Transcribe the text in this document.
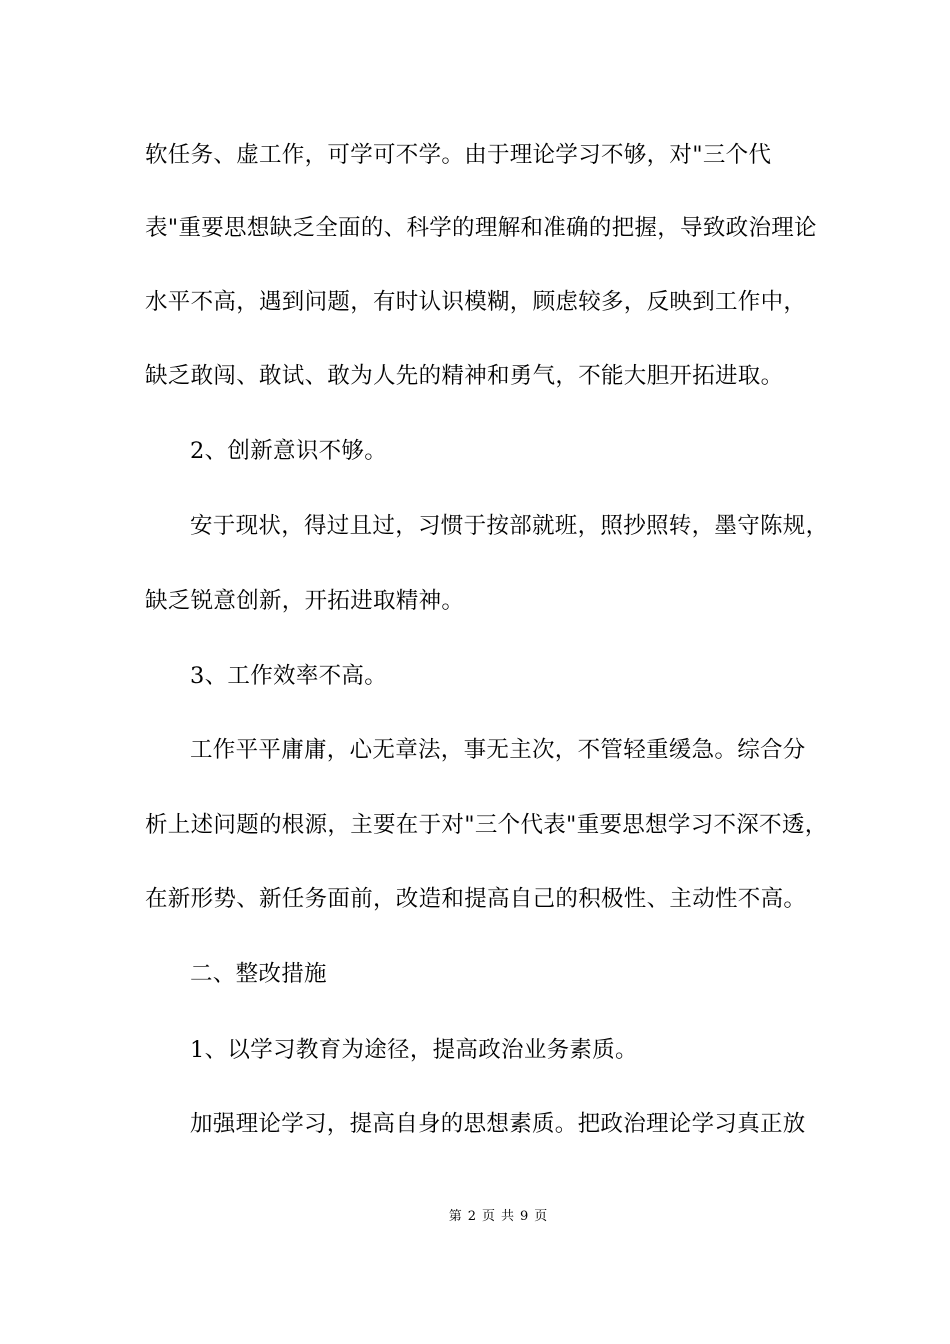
软任务、虚工作，可学可不学。由于理论学习不够，对"三个代
表"重要思想缺乏全面的、科学的理解和准确的把握，导致政治理论
水平不高，遇到问题，有时认识模糊，顾虑较多，反映到工作中，
缺乏敢闯、敢试、敢为人先的精神和勇气，不能大胆开拓进取。
2、创新意识不够。
安于现状，得过且过，习惯于按部就班，照抄照转，墨守陈规，
缺乏锐意创新，开拓进取精神。
3、工作效率不高。
工作平平庸庸，心无章法，事无主次，不管轻重缓急。综合分
析上述问题的根源，主要在于对"三个代表"重要思想学习不深不透，
在新形势、新任务面前，改造和提高自己的积极性、主动性不高。
二、整改措施
1、以学习教育为途径，提高政治业务素质。
加强理论学习，提高自身的思想素质。把政治理论学习真正放
第 2 页 共 9 页
